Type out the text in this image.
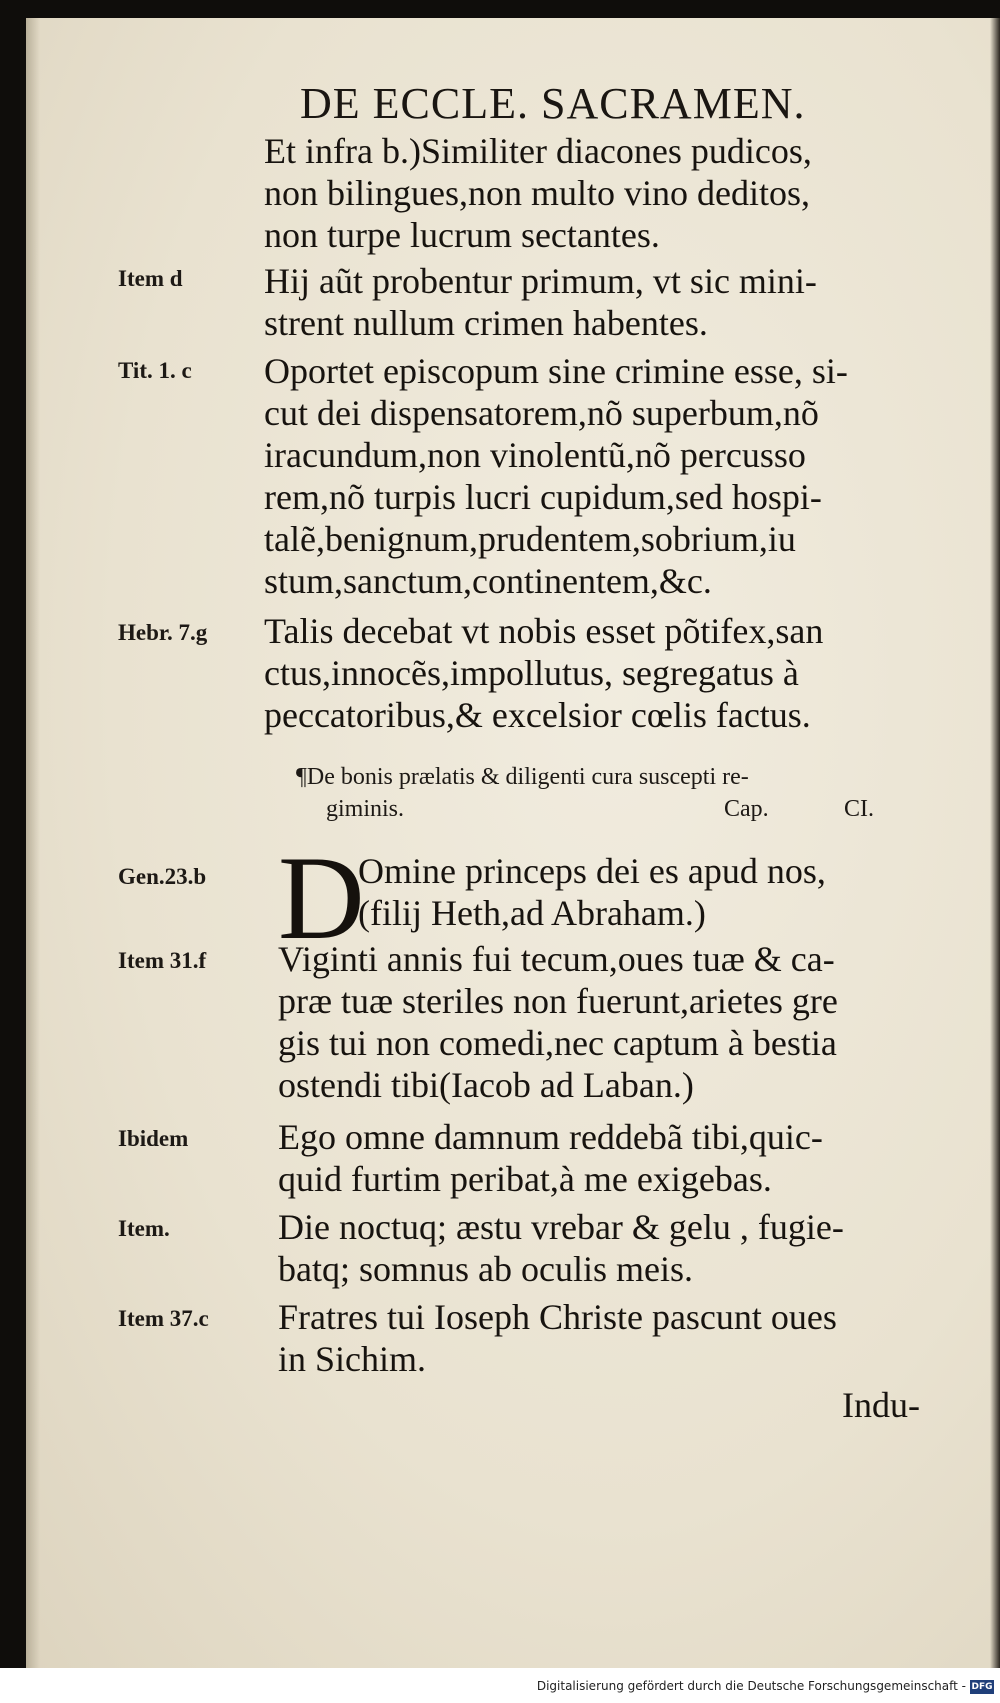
DE ECCLE. SACRAMEN.
Et infra b.)Similiter diacones pudicos,
non bilingues,non multo vino deditos,
non turpe lucrum sectantes.
Item d Hij aũt probentur primum, vt sic mini-
strent nullum crimen habentes.
Tit. 1. c Oportet episcopum sine crimine esse, si-
cut dei dispensatorem,nõ superbum,nõ
iracundum,non vinolentũ,nõ percusso
rem,nõ turpis lucri cupidum,sed hospi-
talẽ,benignum,prudentem,sobrium,iu
stum,sanctum,continentem,&c.
Hebr. 7.g Talis decebat vt nobis esset põtifex,san
ctus,innocẽs,impollutus, segregatus à
peccatoribus,& excelsior cœlis factus.
¶De bonis prælatis & diligenti cura suscepti re-
giminis.	Cap.	CI.
Gen.23.b D
Omine princeps dei es apud nos,
(filij Heth,ad Abraham.)
Item 31.f Viginti annis fui tecum,oues tuæ & ca-
præ tuæ steriles non fuerunt,arietes gre
gis tui non comedi,nec captum à bestia
ostendi tibi(Iacob ad Laban.)
Ibidem Ego omne damnum reddebã tibi,quic-
quid furtim peribat,à me exigebas.
Item.	Die noctuq; æstu vrebar & gelu , fugie-
batq; somnus ab oculis meis.
Item 37.c Fratres tui Ioseph Christe pascunt oues
in Sichim.
Indu-
Digitalisierung gefördert durch die Deutsche Forschungsgemeinschaft - DFG
